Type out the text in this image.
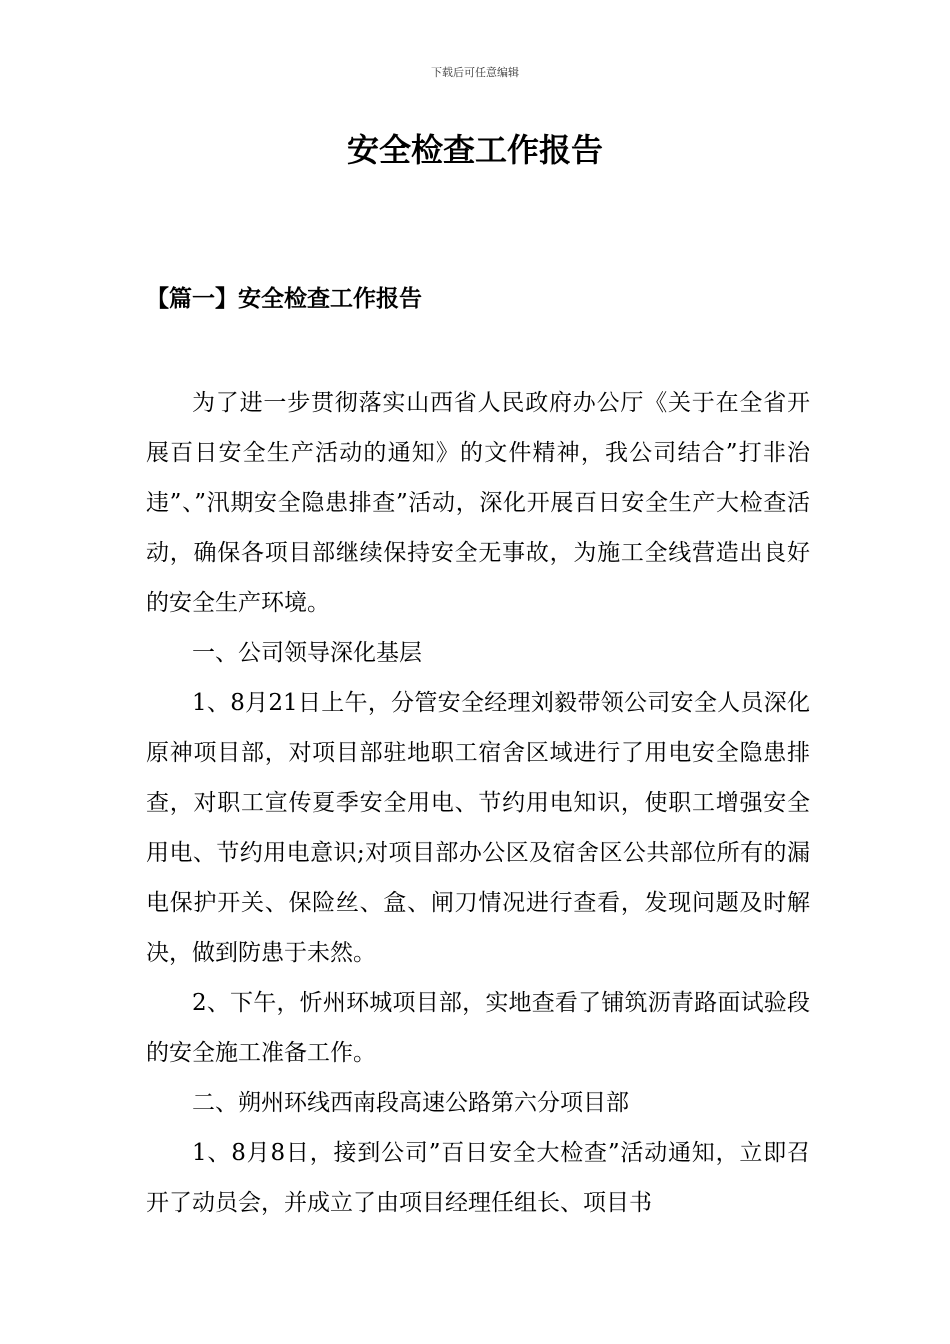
下载后可任意编辑
安全检查工作报告
【篇一】安全检查工作报告

为了进一步贯彻落实山西省人民政府办公厅《关于在全省开展百日安全生产活动的通知》的文件精神，我公司结合”打非治违”、”汛期安全隐患排查”活动，深化开展百日安全生产大检查活动，确保各项目部继续保持安全无事故，为施工全线营造出良好的安全生产环境。

一、公司领导深化基层

1、8月21日上午，分管安全经理刘毅带领公司安全人员深化原神项目部，对项目部驻地职工宿舍区域进行了用电安全隐患排查，对职工宣传夏季安全用电、节约用电知识，使职工增强安全用电、节约用电意识;对项目部办公区及宿舍区公共部位所有的漏电保护开关、保险丝、盒、闸刀情况进行查看，发现问题及时解决，做到防患于未然。

2、下午，忻州环城项目部，实地查看了铺筑沥青路面试验段的安全施工准备工作。

二、朔州环线西南段高速公路第六分项目部

1、8月8日，接到公司”百日安全大检查”活动通知，立即召开了动员会，并成立了由项目经理任组长、项目书
